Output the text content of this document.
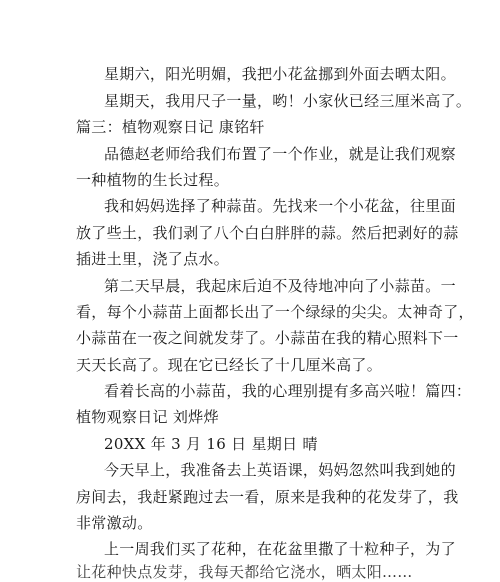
星期六，阳光明媚，我把小花盆挪到外面去晒太阳。
星期天，我用尺子一量，哟！小家伙已经三厘米高了。
篇三：植物观察日记 康铭轩
品德赵老师给我们布置了一个作业，就是让我们观察
一种植物的生长过程。
我和妈妈选择了种蒜苗。先找来一个小花盆，往里面
放了些土，我们剥了八个白白胖胖的蒜。然后把剥好的蒜
插进土里，浇了点水。
第二天早晨，我起床后迫不及待地冲向了小蒜苗。一
看，每个小蒜苗上面都长出了一个绿绿的尖尖。太神奇了，
小蒜苗在一夜之间就发芽了。小蒜苗在我的精心照料下一
天天长高了。现在它已经长了十几厘米高了。
看着长高的小蒜苗，我的心理别提有多高兴啦！篇四：
植物观察日记 刘烨烨
20XX 年 3 月 16 日 星期日 晴
今天早上，我准备去上英语课，妈妈忽然叫我到她的
房间去，我赶紧跑过去一看，原来是我种的花发芽了，我
非常激动。
上一周我们买了花种，在花盆里撒了十粒种子，为了
让花种快点发芽，我每天都给它浇水，晒太阳……
